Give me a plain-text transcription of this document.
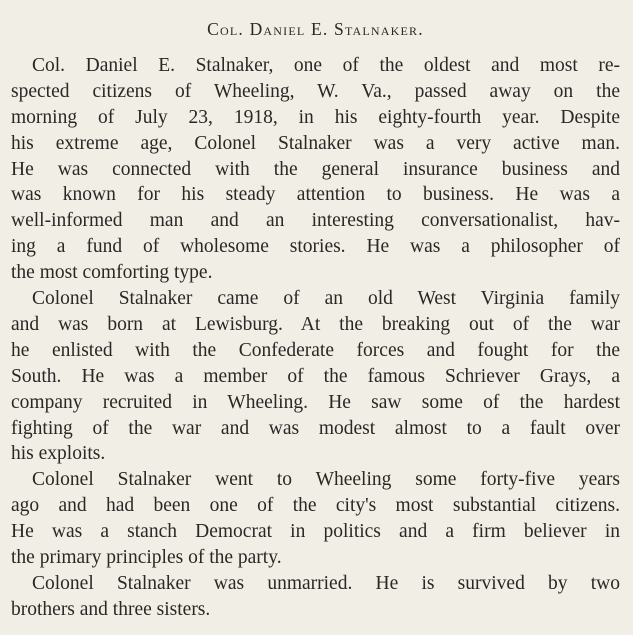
Col. Daniel E. Stalnaker.
Col. Daniel E. Stalnaker, one of the oldest and most re-
spected citizens of Wheeling, W. Va., passed away on the
morning of July 23, 1918, in his eighty-fourth year. Despite
his extreme age, Colonel Stalnaker was a very active man.
He was connected with the general insurance business and
was known for his steady attention to business. He was a
well-informed man and an interesting conversationalist, hav-
ing a fund of wholesome stories. He was a philosopher of
the most comforting type.
Colonel Stalnaker came of an old West Virginia family
and was born at Lewisburg. At the breaking out of the war
he enlisted with the Confederate forces and fought for the
South. He was a member of the famous Schriever Grays, a
company recruited in Wheeling. He saw some of the hardest
fighting of the war and was modest almost to a fault over
his exploits.
Colonel Stalnaker went to Wheeling some forty-five years
ago and had been one of the city's most substantial citizens.
He was a stanch Democrat in politics and a firm believer in
the primary principles of the party.
Colonel Stalnaker was unmarried. He is survived by two
brothers and three sisters.
